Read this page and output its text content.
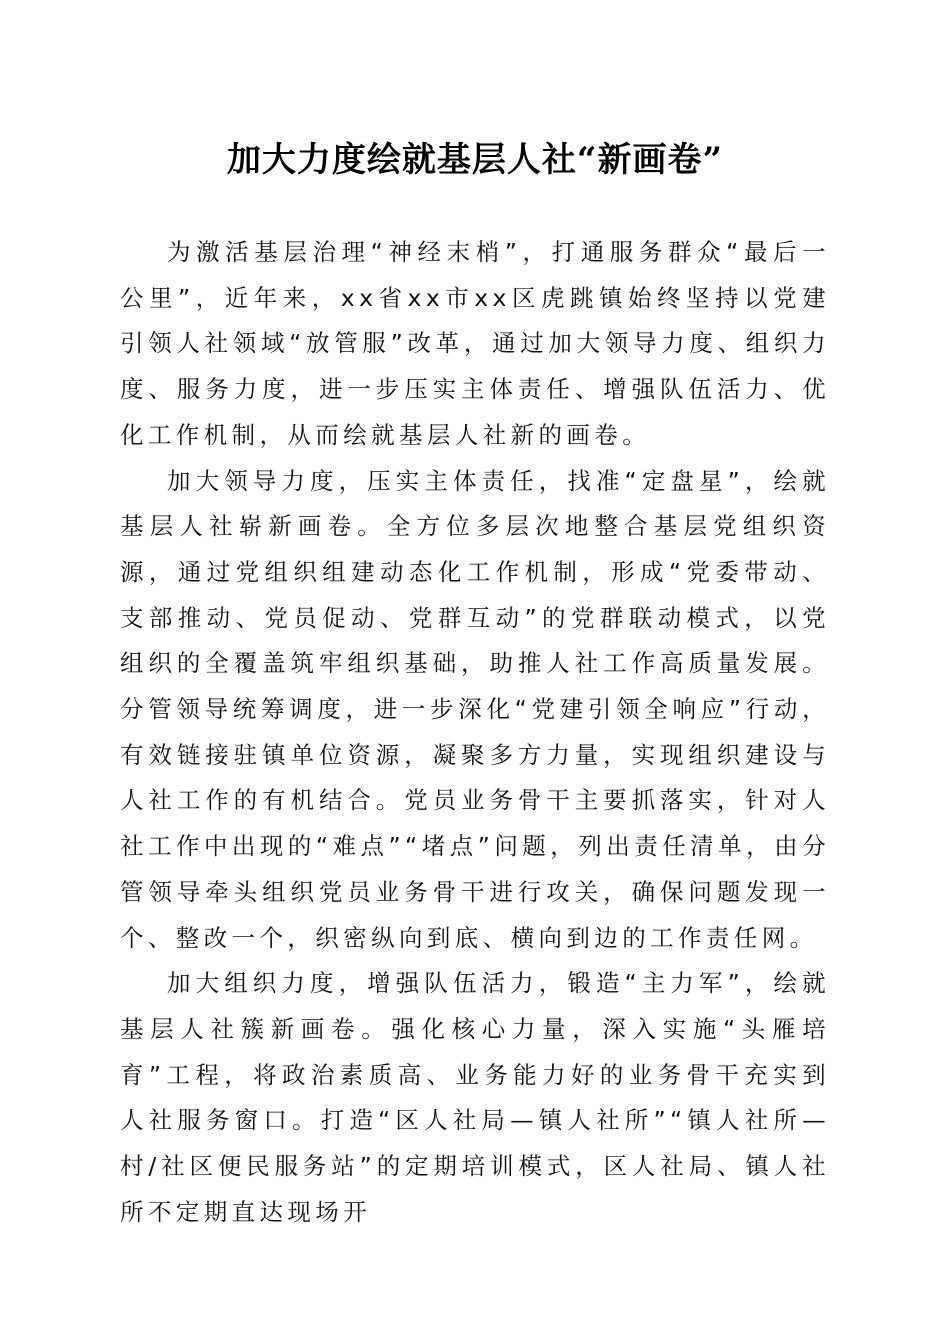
加大力度绘就基层人社“新画卷”

为激活基层治理“神经末梢”，打通服务群众“最后一公里”，近年来，xx省xx市xx区虎跳镇始终坚持以党建引领人社领域“放管服”改革，通过加大领导力度、组织力度、服务力度，进一步压实主体责任、增强队伍活力、优化工作机制，从而绘就基层人社新的画卷。

加大领导力度，压实主体责任，找准“定盘星”，绘就基层人社崭新画卷。全方位多层次地整合基层党组织资源，通过党组织组建动态化工作机制，形成“党委带动、支部推动、党员促动、党群互动”的党群联动模式，以党组织的全覆盖筑牢组织基础，助推人社工作高质量发展。分管领导统筹调度，进一步深化“党建引领全响应”行动，有效链接驻镇单位资源，凝聚多方力量，实现组织建设与人社工作的有机结合。党员业务骨干主要抓落实，针对人社工作中出现的“难点”“堵点”问题，列出责任清单，由分管领导牵头组织党员业务骨干进行攻关，确保问题发现一个、整改一个，织密纵向到底、横向到边的工作责任网。

加大组织力度，增强队伍活力，锻造“主力军”，绘就基层人社簇新画卷。强化核心力量，深入实施“头雁培育”工程，将政治素质高、业务能力好的业务骨干充实到人社服务窗口。打造“区人社局—镇人社所”“镇人社所—村/社区便民服务站”的定期培训模式，区人社局、镇人社所不定期直达现场开
